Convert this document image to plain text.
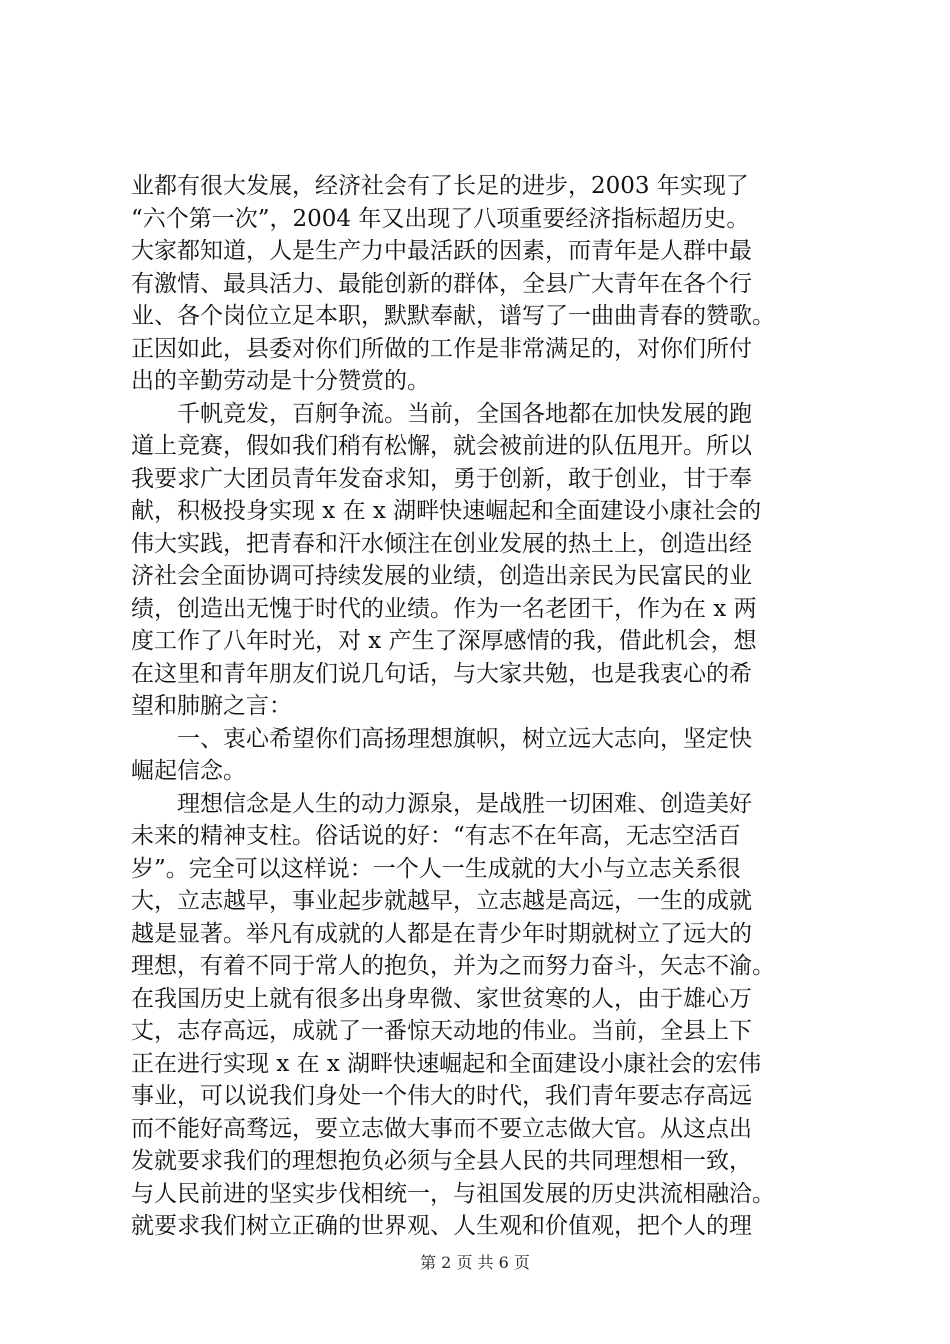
业都有很大发展，经济社会有了长足的进步，2003 年实现了
“六个第一次”，2004 年又出现了八项重要经济指标超历史。
大家都知道，人是生产力中最活跃的因素，而青年是人群中最
有激情、最具活力、最能创新的群体，全县广大青年在各个行
业、各个岗位立足本职，默默奉献，谱写了一曲曲青春的赞歌。
正因如此，县委对你们所做的工作是非常满足的，对你们所付
出的辛勤劳动是十分赞赏的。
　　千帆竞发，百舸争流。当前，全国各地都在加快发展的跑
道上竞赛，假如我们稍有松懈，就会被前进的队伍甩开。所以
我要求广大团员青年发奋求知，勇于创新，敢于创业，甘于奉
献，积极投身实现 x 在 x 湖畔快速崛起和全面建设小康社会的
伟大实践，把青春和汗水倾注在创业发展的热土上，创造出经
济社会全面协调可持续发展的业绩，创造出亲民为民富民的业
绩，创造出无愧于时代的业绩。作为一名老团干，作为在 x 两
度工作了八年时光，对 x 产生了深厚感情的我，借此机会，想
在这里和青年朋友们说几句话，与大家共勉，也是我衷心的希
望和肺腑之言：
　　一、衷心希望你们高扬理想旗帜，树立远大志向，坚定快
崛起信念。
　　理想信念是人生的动力源泉，是战胜一切困难、创造美好
未来的精神支柱。俗话说的好：“有志不在年高，无志空活百
岁”。完全可以这样说：一个人一生成就的大小与立志关系很
大，立志越早，事业起步就越早，立志越是高远，一生的成就
越是显著。举凡有成就的人都是在青少年时期就树立了远大的
理想，有着不同于常人的抱负，并为之而努力奋斗，矢志不渝。
在我国历史上就有很多出身卑微、家世贫寒的人，由于雄心万
丈，志存高远，成就了一番惊天动地的伟业。当前，全县上下
正在进行实现 x 在 x 湖畔快速崛起和全面建设小康社会的宏伟
事业，可以说我们身处一个伟大的时代，我们青年要志存高远
而不能好高骛远，要立志做大事而不要立志做大官。从这点出
发就要求我们的理想抱负必须与全县人民的共同理想相一致，
与人民前进的坚实步伐相统一，与祖国发展的历史洪流相融洽。
就要求我们树立正确的世界观、人生观和价值观，把个人的理
第 2 页 共 6 页
